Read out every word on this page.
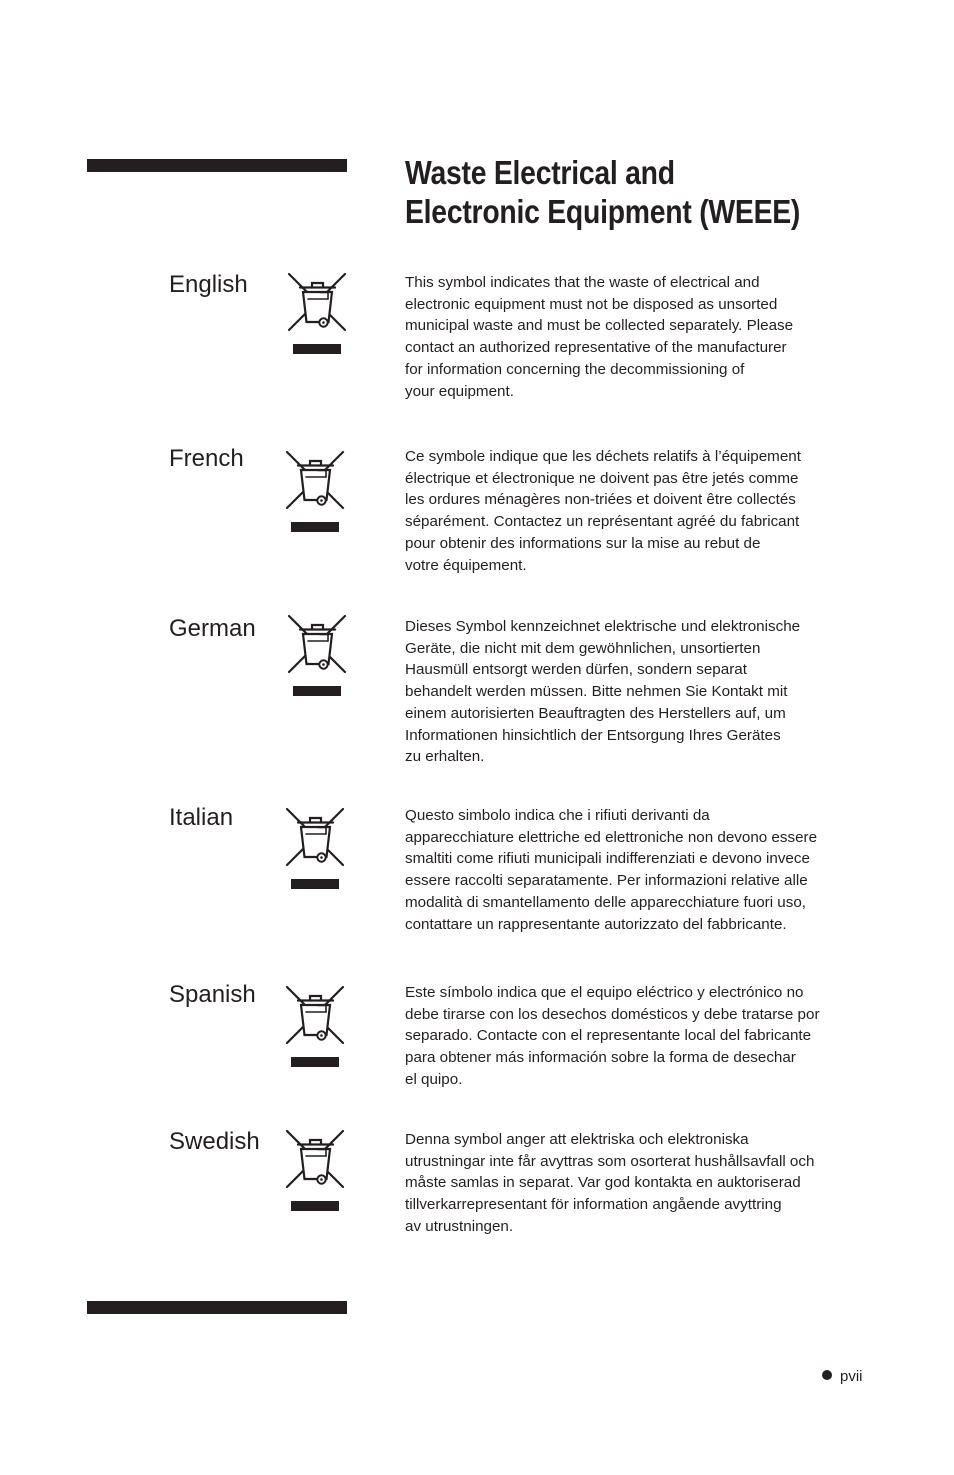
Waste Electrical and
Electronic Equipment (WEEE)
English	This symbol indicates that the waste of electrical and
electronic equipment must not be disposed as unsorted
municipal waste and must be collected separately. Please
contact an authorized representative of the manufacturer
for information concerning the decommissioning of
your equipment.
French	Ce symbole indique que les déchets relatifs à l’équipement
électrique et électronique ne doivent pas être jetés comme
les ordures ménagères non-triées et doivent être collectés
séparément. Contactez un représentant agréé du fabricant
pour obtenir des informations sur la mise au rebut de
votre équipement.
German	Dieses Symbol kennzeichnet elektrische und elektronische
Geräte, die nicht mit dem gewöhnlichen, unsortierten
Hausmüll entsorgt werden dürfen, sondern separat
behandelt werden müssen. Bitte nehmen Sie Kontakt mit
einem autorisierten Beauftragten des Herstellers auf, um
Informationen hinsichtlich der Entsorgung Ihres Gerätes
zu erhalten.
Italian	Questo simbolo indica che i rifiuti derivanti da
apparecchiature elettriche ed elettroniche non devono essere
smaltiti come rifiuti municipali indifferenziati e devono invece
essere raccolti separatamente. Per informazioni relative alle
modalità di smantellamento delle apparecchiature fuori uso,
contattare un rappresentante autorizzato del fabbricante.
Spanish	Este símbolo indica que el equipo eléctrico y electrónico no
debe tirarse con los desechos domésticos y debe tratarse por
separado. Contacte con el representante local del fabricante
para obtener más información sobre la forma de desechar
el quipo.
Swedish	Denna symbol anger att elektriska och elektroniska
utrustningar inte får avyttras som osorterat hushållsavfall och
måste samlas in separat. Var god kontakta en auktoriserad
tillverkarrepresentant för information angående avyttring
av utrustningen.
pvii
